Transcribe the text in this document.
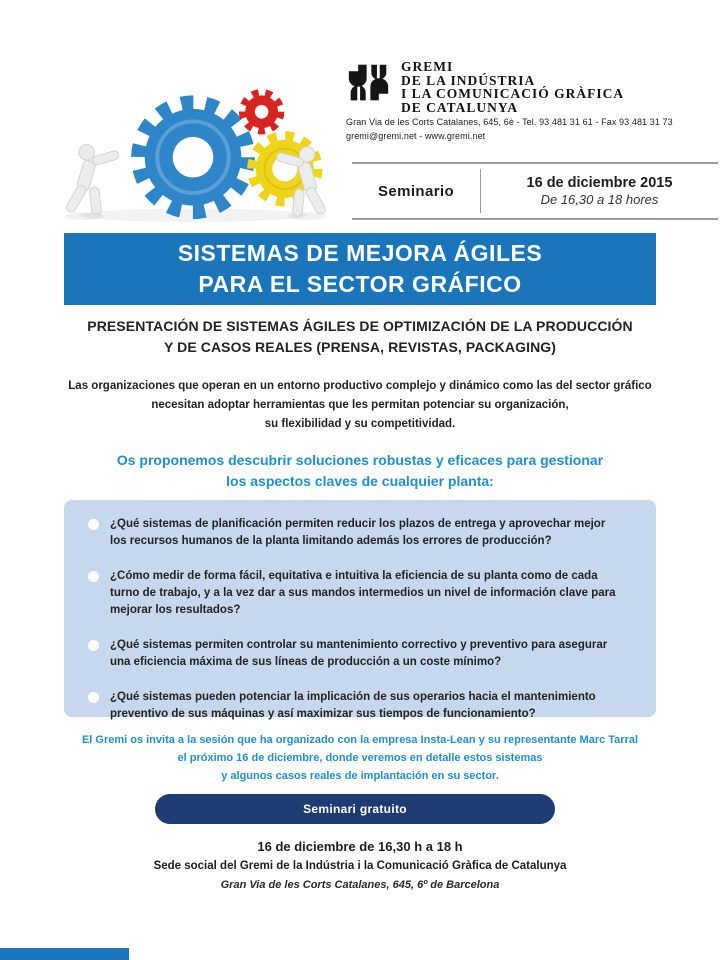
GREMI
DE LA INDÚSTRIA
I LA COMUNICACIÓ GRÀFICA
DE CATALUNYA
Gran Via de les Corts Catalanes, 645, 6è - Tel. 93 481 31 61 - Fax 93 481 31 73
gremi@gremi.net - www.gremi.net
Seminario	16 de diciembre 2015
De 16,30 a 18 hores
SISTEMAS DE MEJORA ÁGILES
PARA EL SECTOR GRÁFICO
PRESENTACIÓN DE SISTEMAS ÁGILES DE OPTIMIZACIÓN DE LA PRODUCCIÓN
Y DE CASOS REALES (PRENSA, REVISTAS, PACKAGING)
Las organizaciones que operan en un entorno productivo complejo y dinámico como las del sector gráfico
necesitan adoptar herramientas que les permitan potenciar su organización,
su flexibilidad y su competitividad.
Os proponemos descubrir soluciones robustas y eficaces para gestionar
los aspectos claves de cualquier planta:
¿Qué sistemas de planificación permiten reducir los plazos de entrega y aprovechar mejor los recursos humanos de la planta limitando además los errores de producción?
¿Cómo medir de forma fácil, equitativa e intuitiva la eficiencia de su planta como de cada turno de trabajo, y a la vez dar a sus mandos intermedios un nivel de información clave para mejorar los resultados?
¿Qué sistemas permiten controlar su mantenimiento correctivo y preventivo para asegurar una eficiencia máxima de sus líneas de producción a un coste mínimo?
¿Qué sistemas pueden potenciar la implicación de sus operarios hacia el mantenimiento preventivo de sus máquinas y así maximizar sus tiempos de funcionamiento?
El Gremi os invita a la sesión que ha organizado con la empresa Insta-Lean y su representante Marc Tarral
el próximo 16 de diciembre, donde veremos en detalle estos sistemas
y algunos casos reales de implantación en su sector.
Seminari gratuito
16 de diciembre de 16,30 h a 18 h
Sede social del Gremi de la Indústria i la Comunicació Gràfica de Catalunya
Gran Via de les Corts Catalanes, 645, 6º de Barcelona
